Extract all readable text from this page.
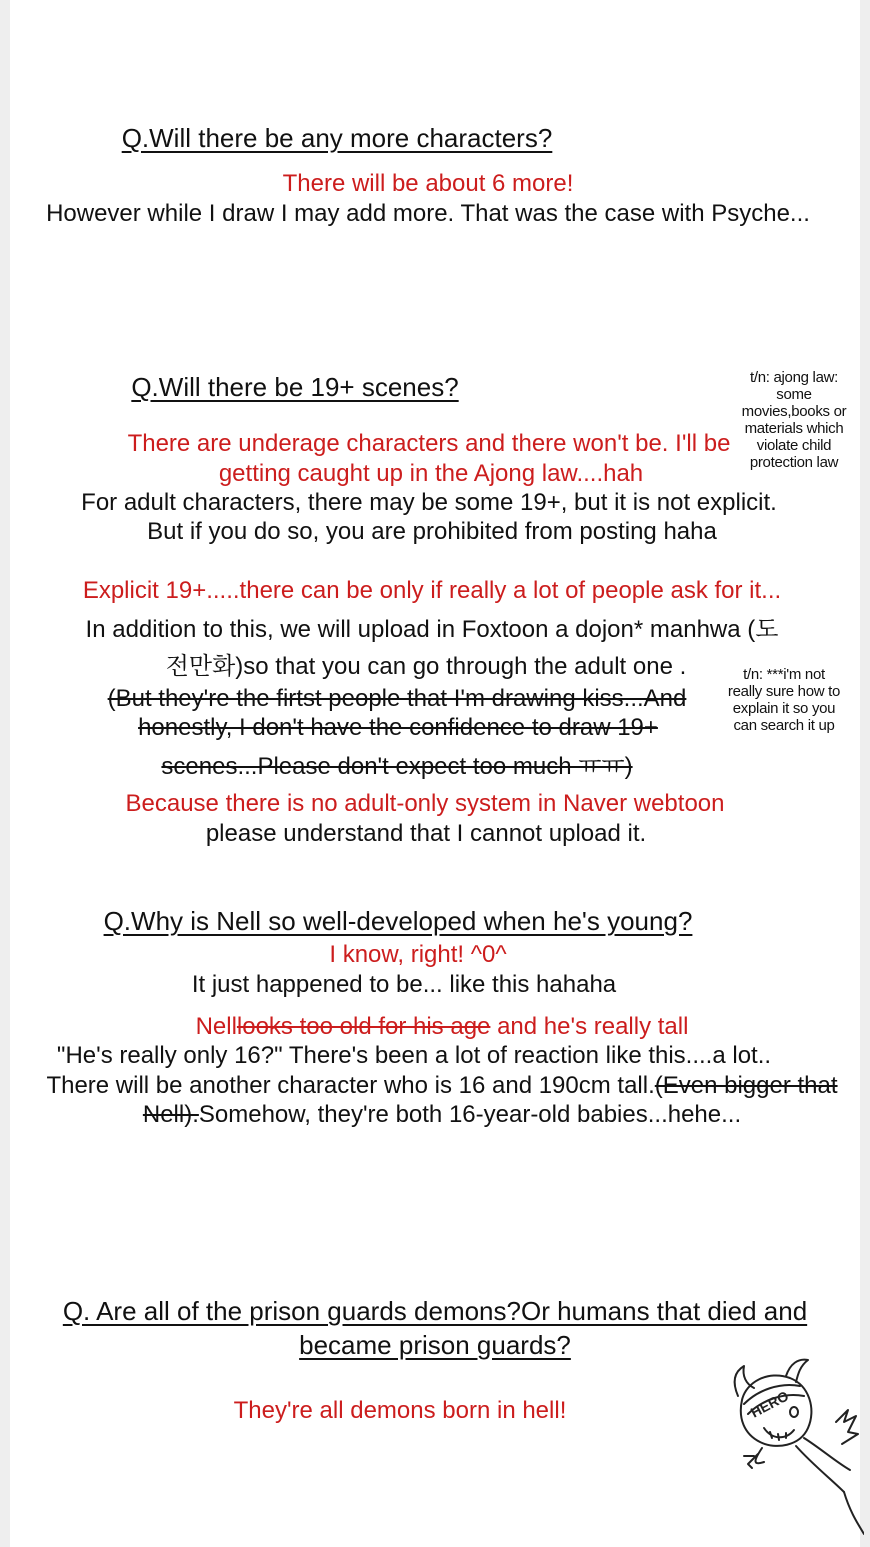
Q.Will there be any more characters?
There will be about 6 more!
However while I draw I may add more. That was the case with Psyche...
Q.Will there be 19+ scenes?
There are underage characters and there won't be. I'll be
getting caught up in the Ajong law....hah
For adult characters, there may be some 19+, but it is not explicit.
But if you do so, you are prohibited from posting haha
Explicit 19+.....there can be only if really a lot of people ask for it...
In addition to this, we will upload in Foxtoon a dojon* manhwa (도
전만화)so that you can go through the adult one .
(But they're the firtst people that I'm drawing kiss...And
honestly, I don't have the confidence to draw 19+
scenes...Please don't expect too much ㅠㅠ)
Because there is no adult-only system in Naver webtoon
please understand that I cannot upload it.
t/n: ajong law:
some
movies,books or
materials which
violate child
protection law
t/n: ***i'm not
really sure how to
explain it so you
can search it up
Q.Why is Nell so well-developed when he's young?
I know, right! ^0^
It just happened to be... like this hahaha
Nelllooks too old for his age and he's really tall
"He's really only 16?" There's been a lot of reaction like this....a lot..
There will be another character who is 16 and 190cm tall.(Even bigger that
Nell).Somehow, they're both 16-year-old babies...hehe...
Q. Are all of the prison guards demons?Or humans that died and
became prison guards?
They're all demons born in hell!	HERO
